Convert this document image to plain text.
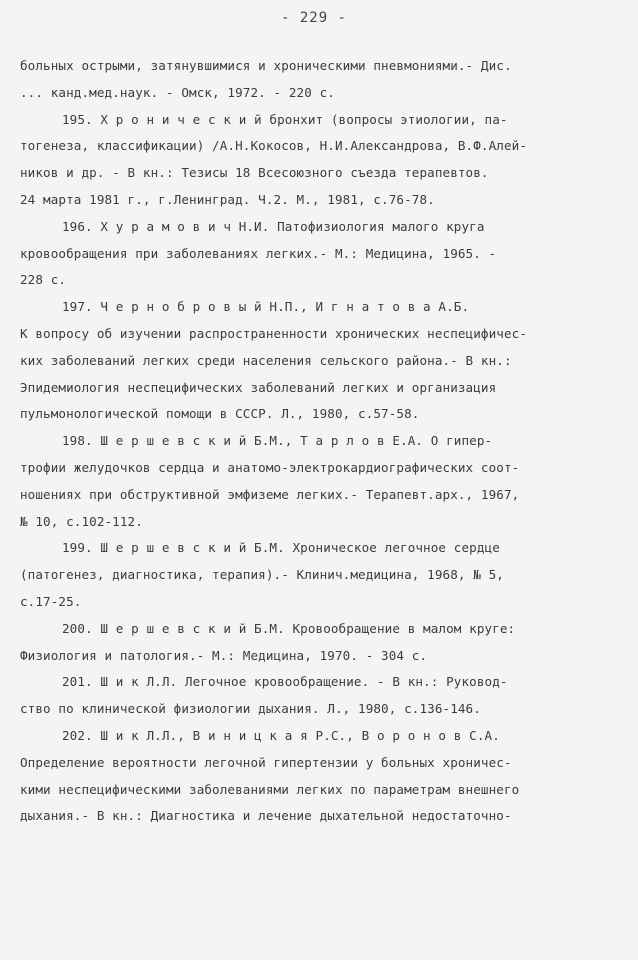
- 229 -
больных острыми, затянувшимися и хроническими пневмониями.- Дис.
... канд.мед.наук. - Омск, 1972. - 220 с.
195. Х р о н и ч е с к и й бронхит (вопросы этиологии, па-
тогенеза, классификации) /А.Н.Кокосов, Н.И.Александрова, В.Ф.Алей-
ников и др. - В кн.: Тезисы 18 Всесоюзного съезда терапевтов.
24 марта 1981 г., г.Ленинград. Ч.2. М., 1981, с.76-78.
196. Х у р а м о в и ч Н.И. Патофизиология малого круга
кровообращения при заболеваниях легких.- М.: Медицина, 1965. -
228 с.
197. Ч е р н о б р о в ы й Н.П., И г н а т о в а А.Б.
К вопросу об изучении распространенности хронических неспецифичес-
ких заболеваний легких среди населения сельского района.- В кн.:
Эпидемиология неспецифических заболеваний легких и организация
пульмонологической помощи в СССР. Л., 1980, с.57-58.
198. Ш е р ш е в с к и й Б.М., Т а р л о в Е.А. О гипер-
трофии желудочков сердца и анатомо-электрокардиографических соот-
ношениях при обструктивной эмфиземе легких.- Терапевт.арх., 1967,
№ 10, с.102-112.
199. Ш е р ш е в с к и й Б.М. Хроническое легочное сердце
(патогенез, диагностика, терапия).- Клинич.медицина, 1968, № 5,
с.17-25.
200. Ш е р ш е в с к и й Б.М. Кровообращение в малом круге:
Физиология и патология.- М.: Медицина, 1970. - 304 с.
201. Ш и к Л.Л. Легочное кровообращение. - В кн.: Руковод-
ство по клинической физиологии дыхания. Л., 1980, с.136-146.
202. Ш и к Л.Л., В и н и ц к а я Р.С., В о р о н о в С.А.
Определение вероятности легочной гипертензии у больных хроничес-
кими неспецифическими заболеваниями легких по параметрам внешнего
дыхания.- В кн.: Диагностика и лечение дыхательной недостаточно-
